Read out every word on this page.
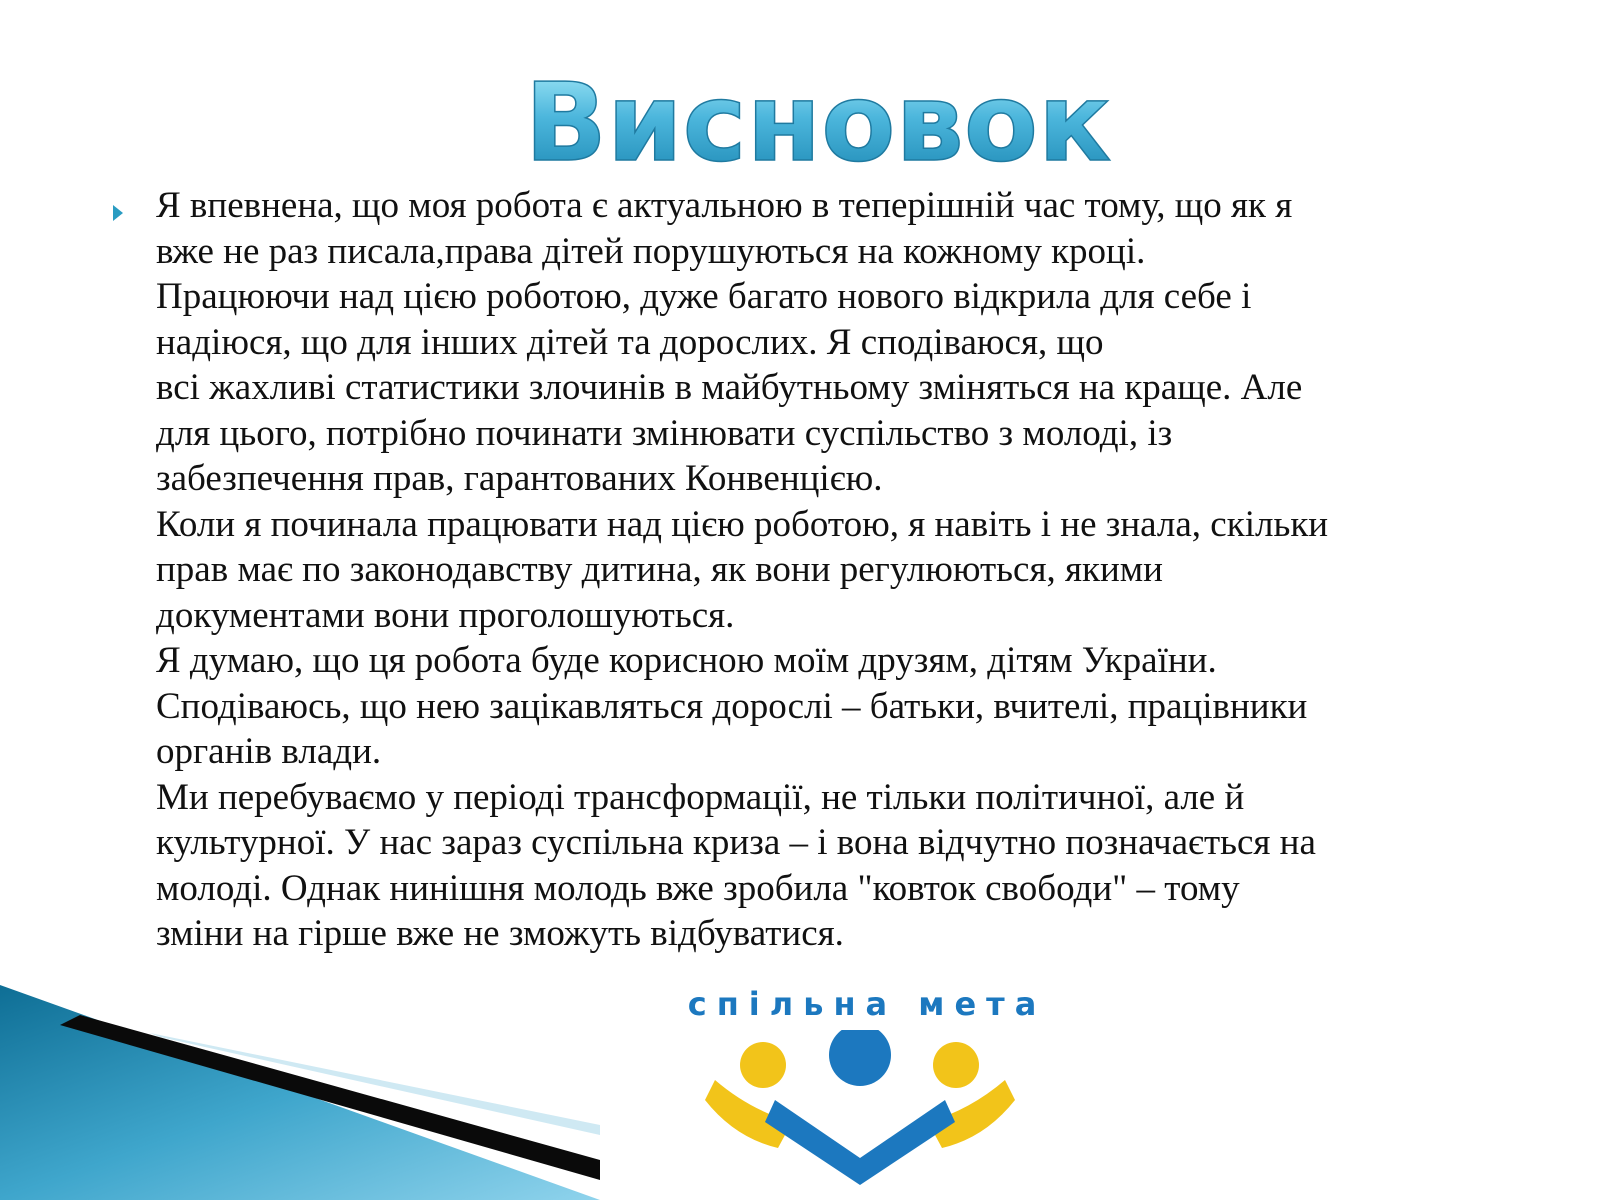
Висновок
Я впевнена, що моя робота є актуальною в теперішній час тому, що як я
вже не раз писала,права дітей порушуються на кожному кроці.
Працюючи над цією роботою, дуже багато нового відкрила для себе і
надіюся, що для інших дітей та дорослих. Я сподіваюся, що
всі жахливі статистики злочинів в майбутньому зміняться на краще. Але
для цього, потрібно починати змінювати суспільство з молоді, із
забезпечення прав, гарантованих Конвенцією.
Коли я починала працювати над цією роботою, я навіть і не знала, скільки
прав має по законодавству дитина, як вони регулюються, якими
документами вони проголошуються.
Я думаю, що ця робота буде корисною моїм друзям, дітям України.
Сподіваюсь, що нею зацікавляться дорослі – батьки, вчителі, працівники
органів влади.
Ми перебуваємо у періоді трансформації, не тільки політичної, але й
культурної. У нас зараз суспільна криза – і вона відчутно позначається на
молоді. Однак нинішня молодь вже зробила "ковток свободи" – тому
зміни на гірше вже не зможуть відбуватися.
спільна мета
